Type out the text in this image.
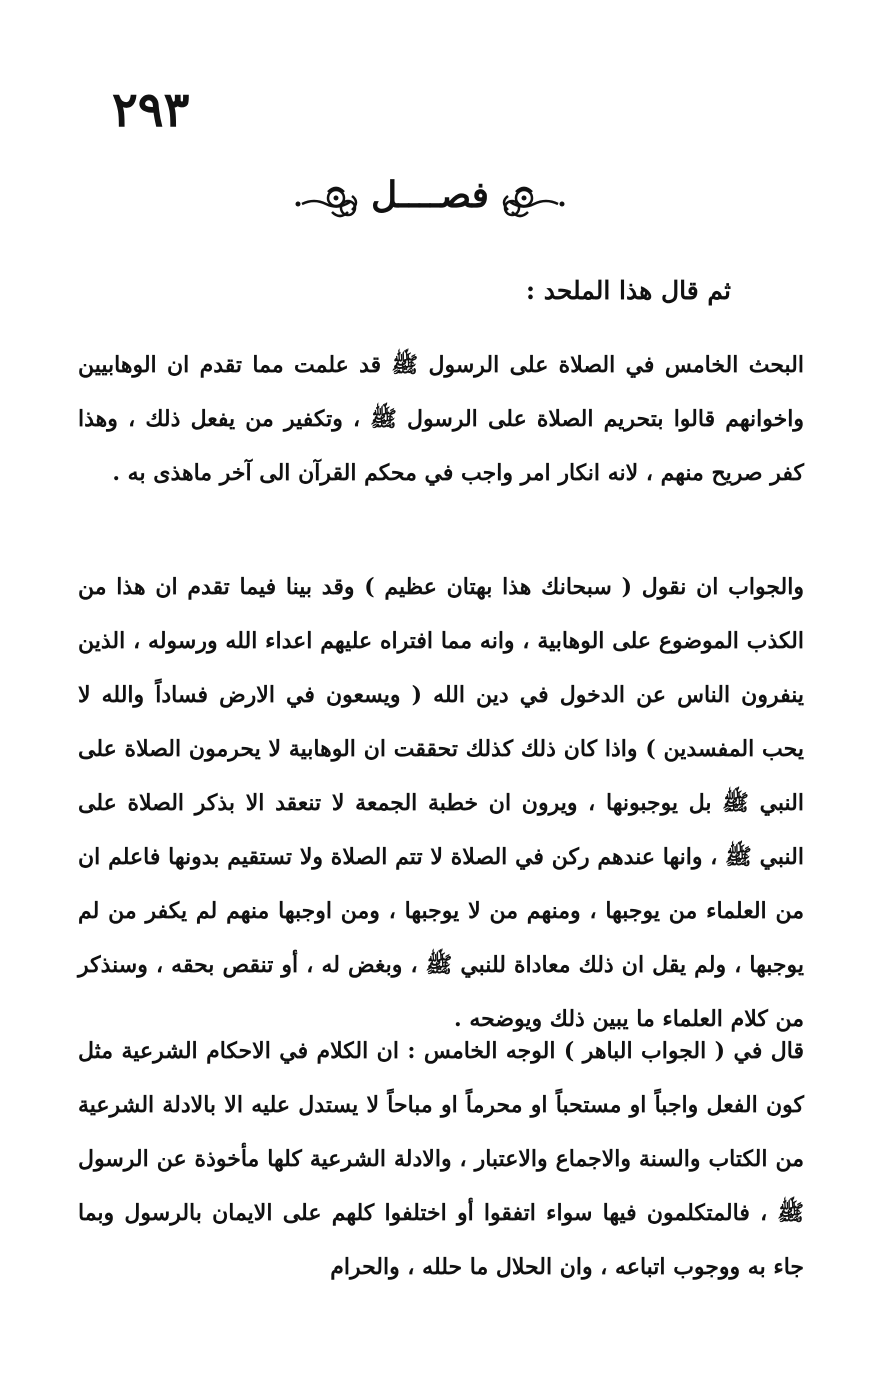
٢٩٣
فصــــل
ثم قال هذا الملحد :
البحث الخامس في الصلاة على الرسول ﷺ قد علمت مما تقدم ان الوهابيين واخوانهم قالوا بتحريم الصلاة على الرسول ﷺ ، وتكفير من يفعل ذلك ، وهذا كفر صريح منهم ، لانه انكار امر واجب في محكم القرآن الى آخر ماهذى به .
والجواب ان نقول ( سبحانك هذا بهتان عظيم ) وقد بينا فيما تقدم ان هذا من الكذب الموضوع على الوهابية ، وانه مما افتراه عليهم اعداء الله ورسوله ، الذين ينفرون الناس عن الدخول في دين الله ( ويسعون في الارض فساداً والله لا يحب المفسدين ) واذا كان ذلك كذلك تحققت ان الوهابية لا يحرمون الصلاة على النبي ﷺ بل يوجبونها ، ويرون ان خطبة الجمعة لا تنعقد الا بذكر الصلاة على النبي ﷺ ، وانها عندهم ركن في الصلاة لا تتم الصلاة ولا تستقيم بدونها فاعلم ان من العلماء من يوجبها ، ومنهم من لا يوجبها ، ومن اوجبها منهم لم يكفر من لم يوجبها ، ولم يقل ان ذلك معاداة للنبي ﷺ ، وبغض له ، أو تنقص بحقه ، وسنذكر من كلام العلماء ما يبين ذلك ويوضحه .
قال في ( الجواب الباهر ) الوجه الخامس : ان الكلام في الاحكام الشرعية مثل كون الفعل واجباً او مستحباً او محرماً او مباحاً لا يستدل عليه الا بالادلة الشرعية من الكتاب والسنة والاجماع والاعتبار ، والادلة الشرعية كلها مأخوذة عن الرسول ﷺ ، فالمتكلمون فيها سواء اتفقوا أو اختلفوا كلهم على الايمان بالرسول وبما جاء به ووجوب اتباعه ، وان الحلال ما حلله ، والحرام
